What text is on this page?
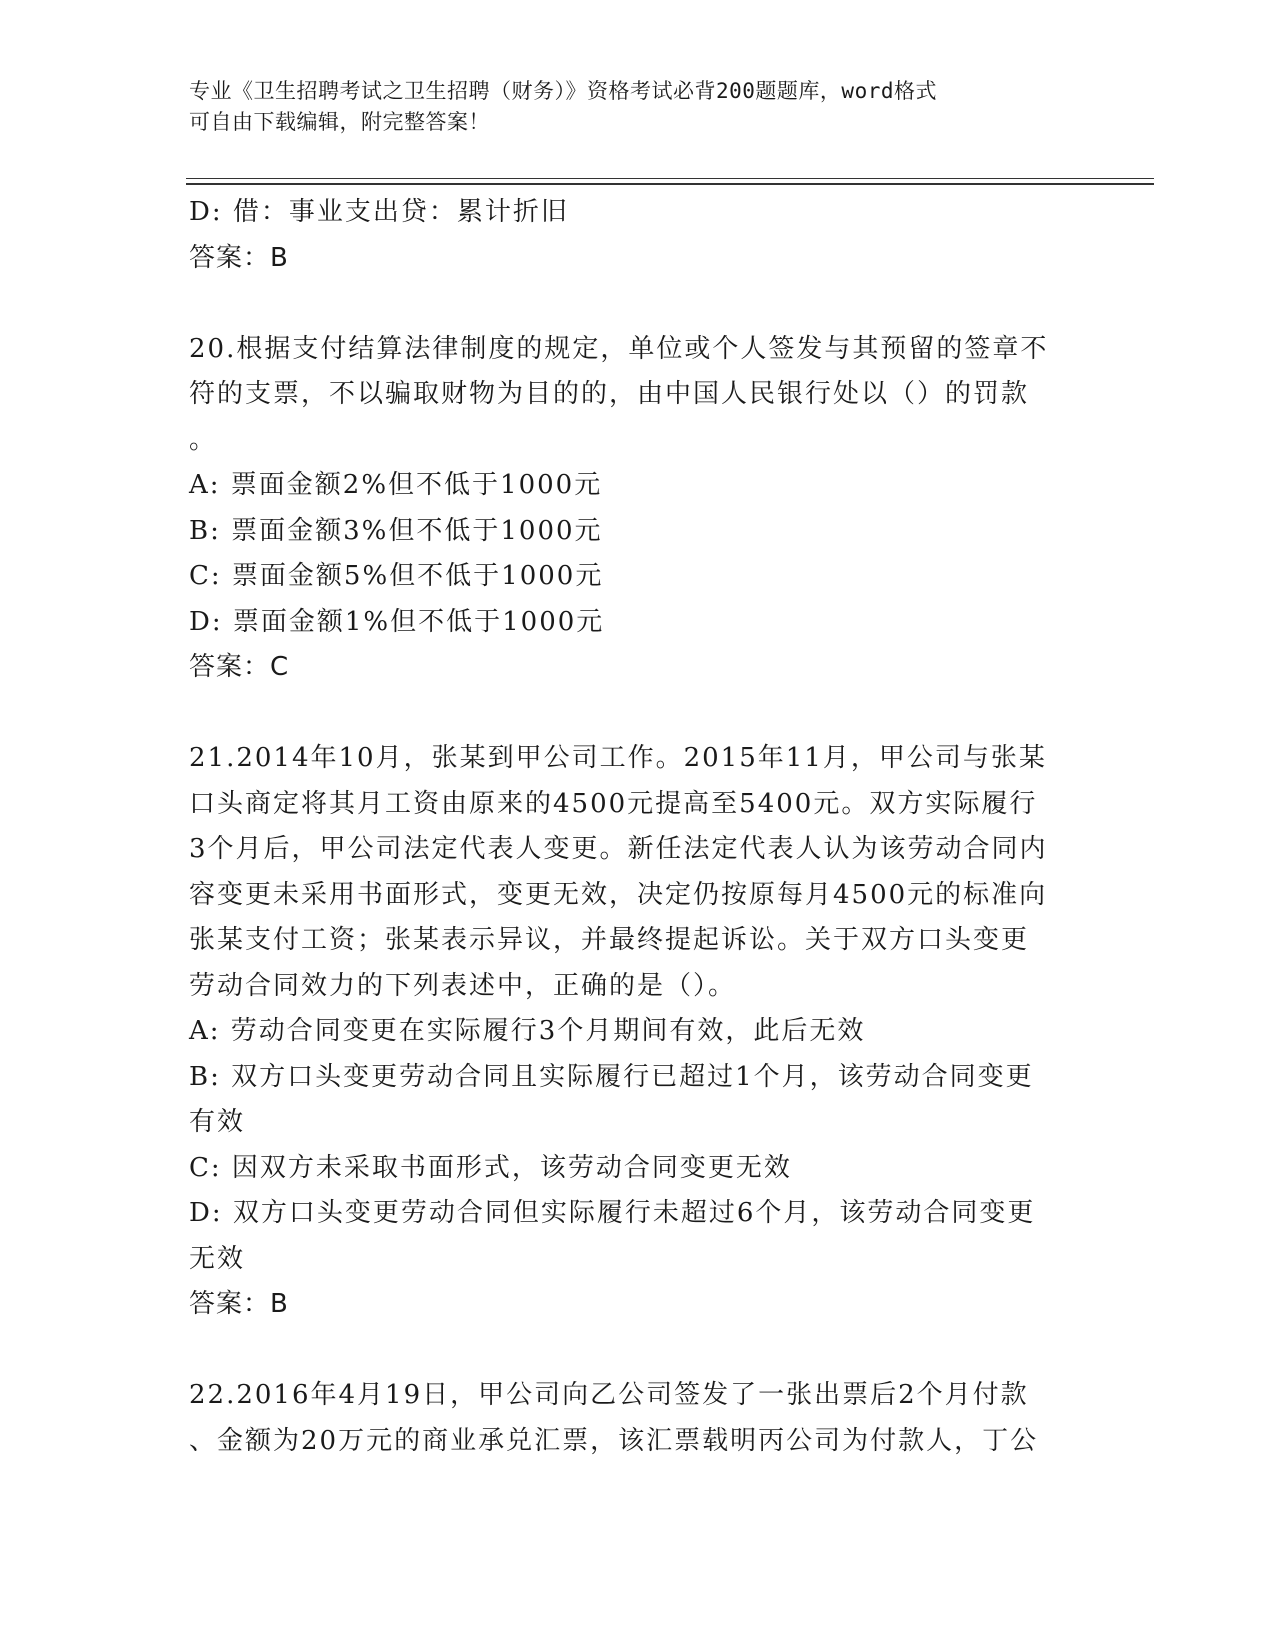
专业《卫生招聘考试之卫生招聘（财务）》资格考试必背200题题库，word格式
可自由下载编辑，附完整答案！
D: 借：事业支出贷：累计折旧
答案：B
20.根据支付结算法律制度的规定，单位或个人签发与其预留的签章不
符的支票，不以骗取财物为目的的，由中国人民银行处以（）的罚款
。
A: 票面金额2%但不低于1000元
B: 票面金额3%但不低于1000元
C: 票面金额5%但不低于1000元
D: 票面金额1%但不低于1000元
答案：C
21.2014年10月，张某到甲公司工作。2015年11月，甲公司与张某
口头商定将其月工资由原来的4500元提高至5400元。双方实际履行
3个月后，甲公司法定代表人变更。新任法定代表人认为该劳动合同内
容变更未采用书面形式，变更无效，决定仍按原每月4500元的标准向
张某支付工资；张某表示异议，并最终提起诉讼。关于双方口头变更
劳动合同效力的下列表述中，正确的是（）。
A: 劳动合同变更在实际履行3个月期间有效，此后无效
B: 双方口头变更劳动合同且实际履行已超过1个月，该劳动合同变更
有效
C: 因双方未采取书面形式，该劳动合同变更无效
D: 双方口头变更劳动合同但实际履行未超过6个月，该劳动合同变更
无效
答案：B
22.2016年4月19日，甲公司向乙公司签发了一张出票后2个月付款
、金额为20万元的商业承兑汇票，该汇票载明丙公司为付款人，丁公
